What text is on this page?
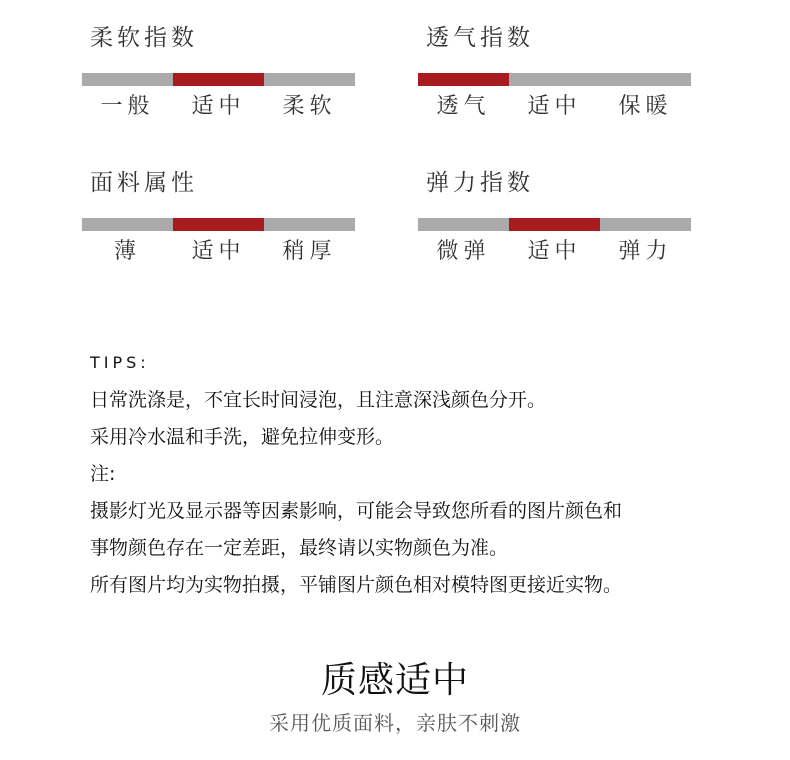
柔软指数
一般	适中	柔软
透气指数
透气	适中	保暖
面料属性
薄	适中	稍厚
弹力指数
微弹	适中	弹力
TIPS:
日常洗涤是，不宜长时间浸泡，且注意深浅颜色分开。
采用冷水温和手洗，避免拉伸变形。
注:
摄影灯光及显示器等因素影响，可能会导致您所看的图片颜色和
事物颜色存在一定差距，最终请以实物颜色为准。
所有图片均为实物拍摄，平铺图片颜色相对模特图更接近实物。
质感适中
采用优质面料，亲肤不刺激
